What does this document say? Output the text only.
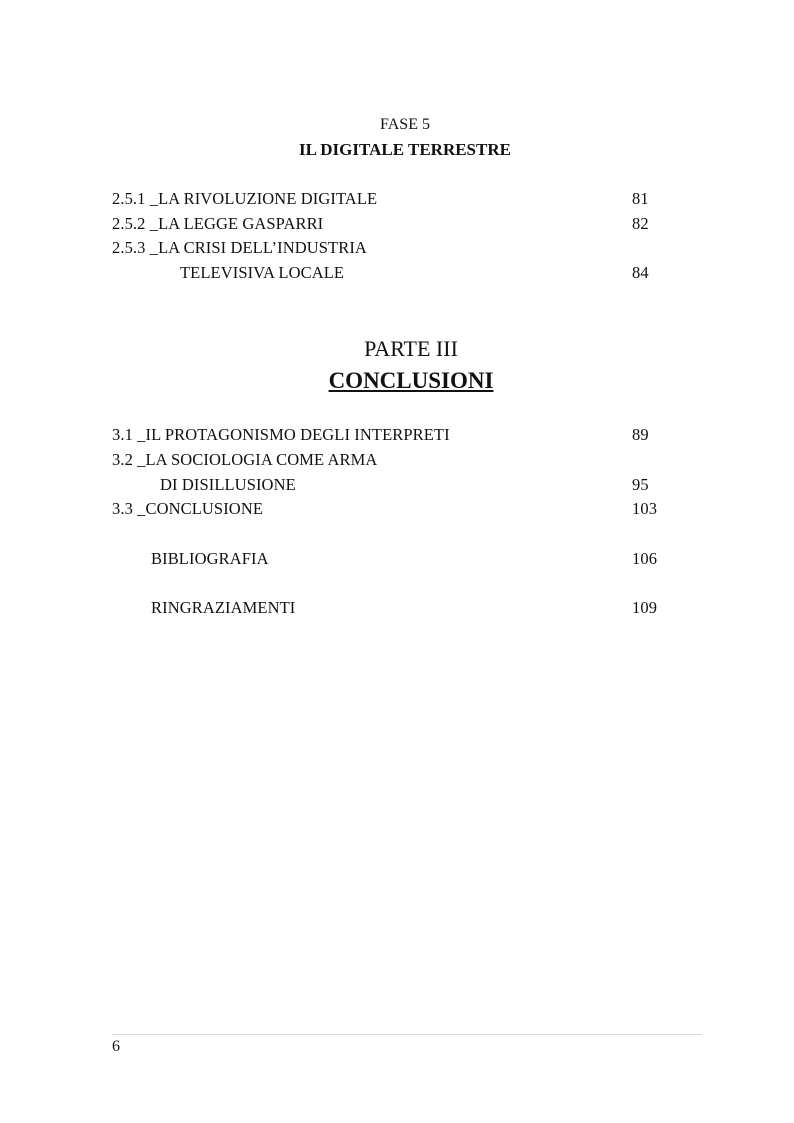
FASE 5
IL DIGITALE TERRESTRE
2.5.1 _LA RIVOLUZIONE DIGITALE	81
2.5.2 _LA LEGGE GASPARRI	82
2.5.3 _LA CRISI DELL’INDUSTRIA
TELEVISIVA LOCALE	84
PARTE III
CONCLUSIONI
3.1 _IL PROTAGONISMO DEGLI INTERPRETI	89
3.2 _LA SOCIOLOGIA COME ARMA
DI DISILLUSIONE	95
3.3 _CONCLUSIONE	103
BIBLIOGRAFIA	106
RINGRAZIAMENTI	109
6
